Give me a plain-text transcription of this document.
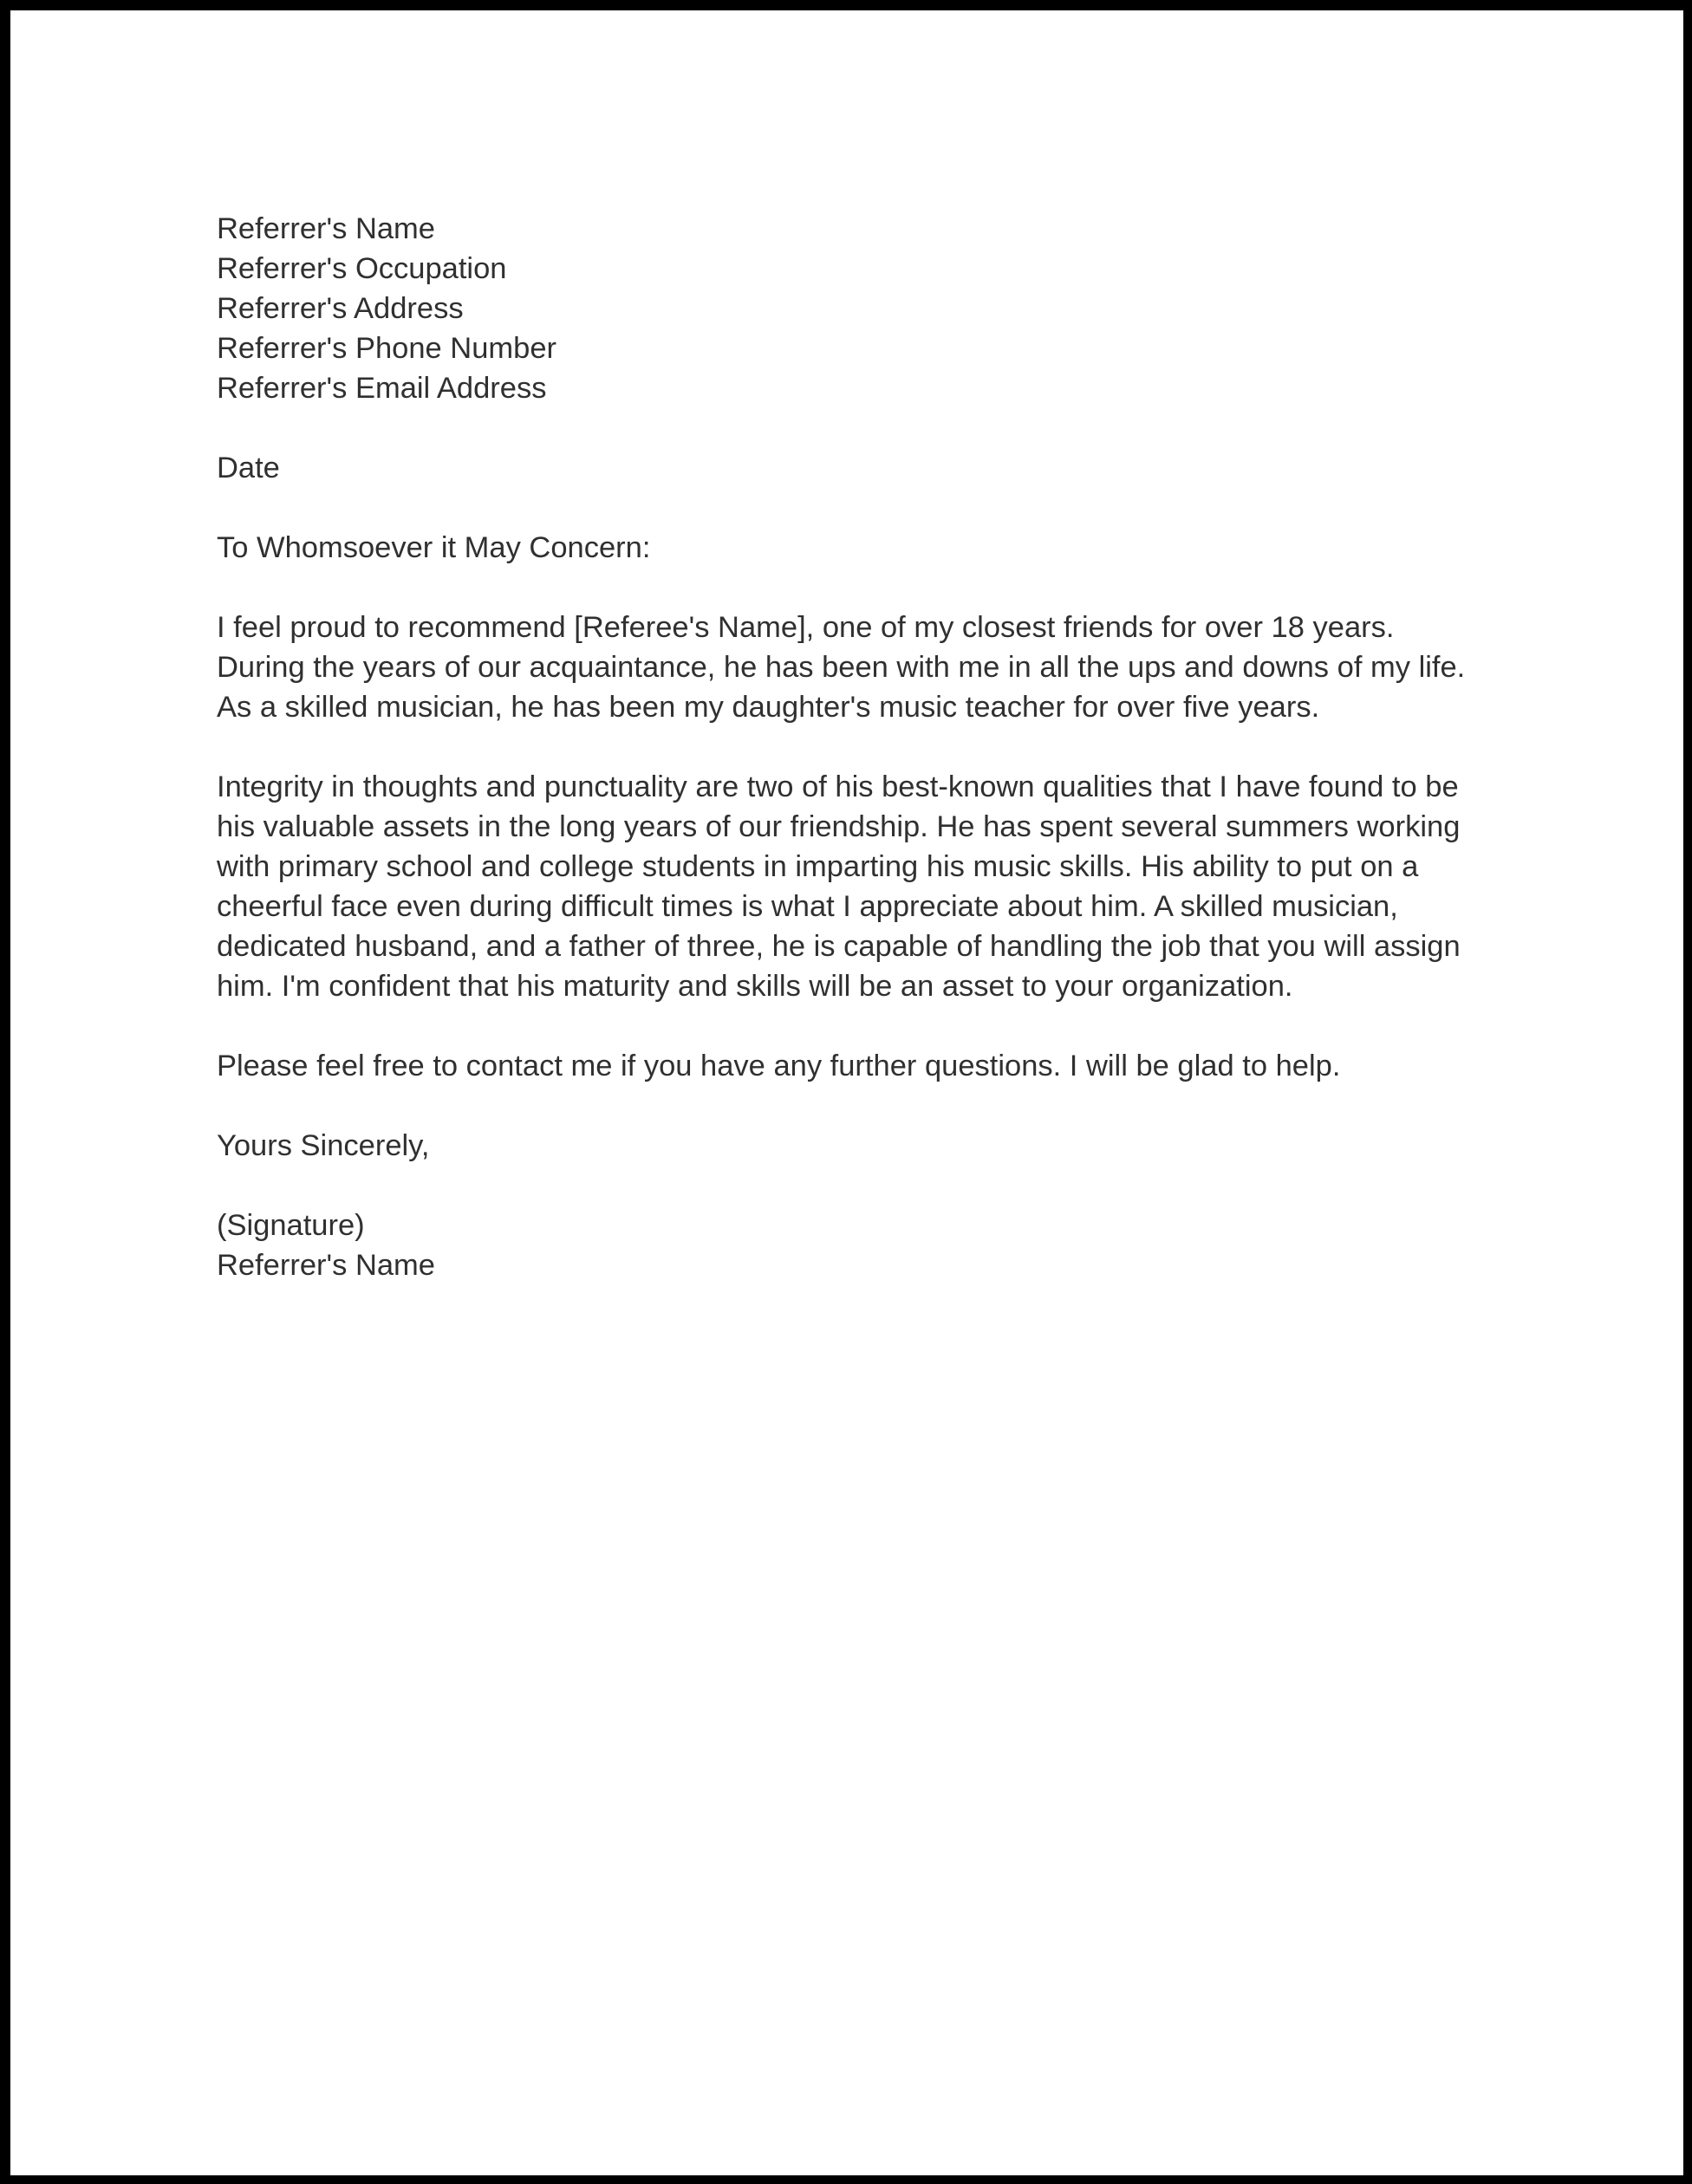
Referrer's Name

Referrer's Occupation

Referrer's Address

Referrer's Phone Number

Referrer's Email Address

Date

To Whomsoever it May Concern:

I feel proud to recommend [Referee's Name], one of my closest friends for over 18 years.

During the years of our acquaintance, he has been with me in all the ups and downs of my life.

As a skilled musician, he has been my daughter's music teacher for over five years.

Integrity in thoughts and punctuality are two of his best-known qualities that I have found to be

his valuable assets in the long years of our friendship. He has spent several summers working

with primary school and college students in imparting his music skills. His ability to put on a

cheerful face even during difficult times is what I appreciate about him. A skilled musician,

dedicated husband, and a father of three, he is capable of handling the job that you will assign

him. I'm confident that his maturity and skills will be an asset to your organization.

Please feel free to contact me if you have any further questions. I will be glad to help.

Yours Sincerely,

(Signature)

Referrer's Name
